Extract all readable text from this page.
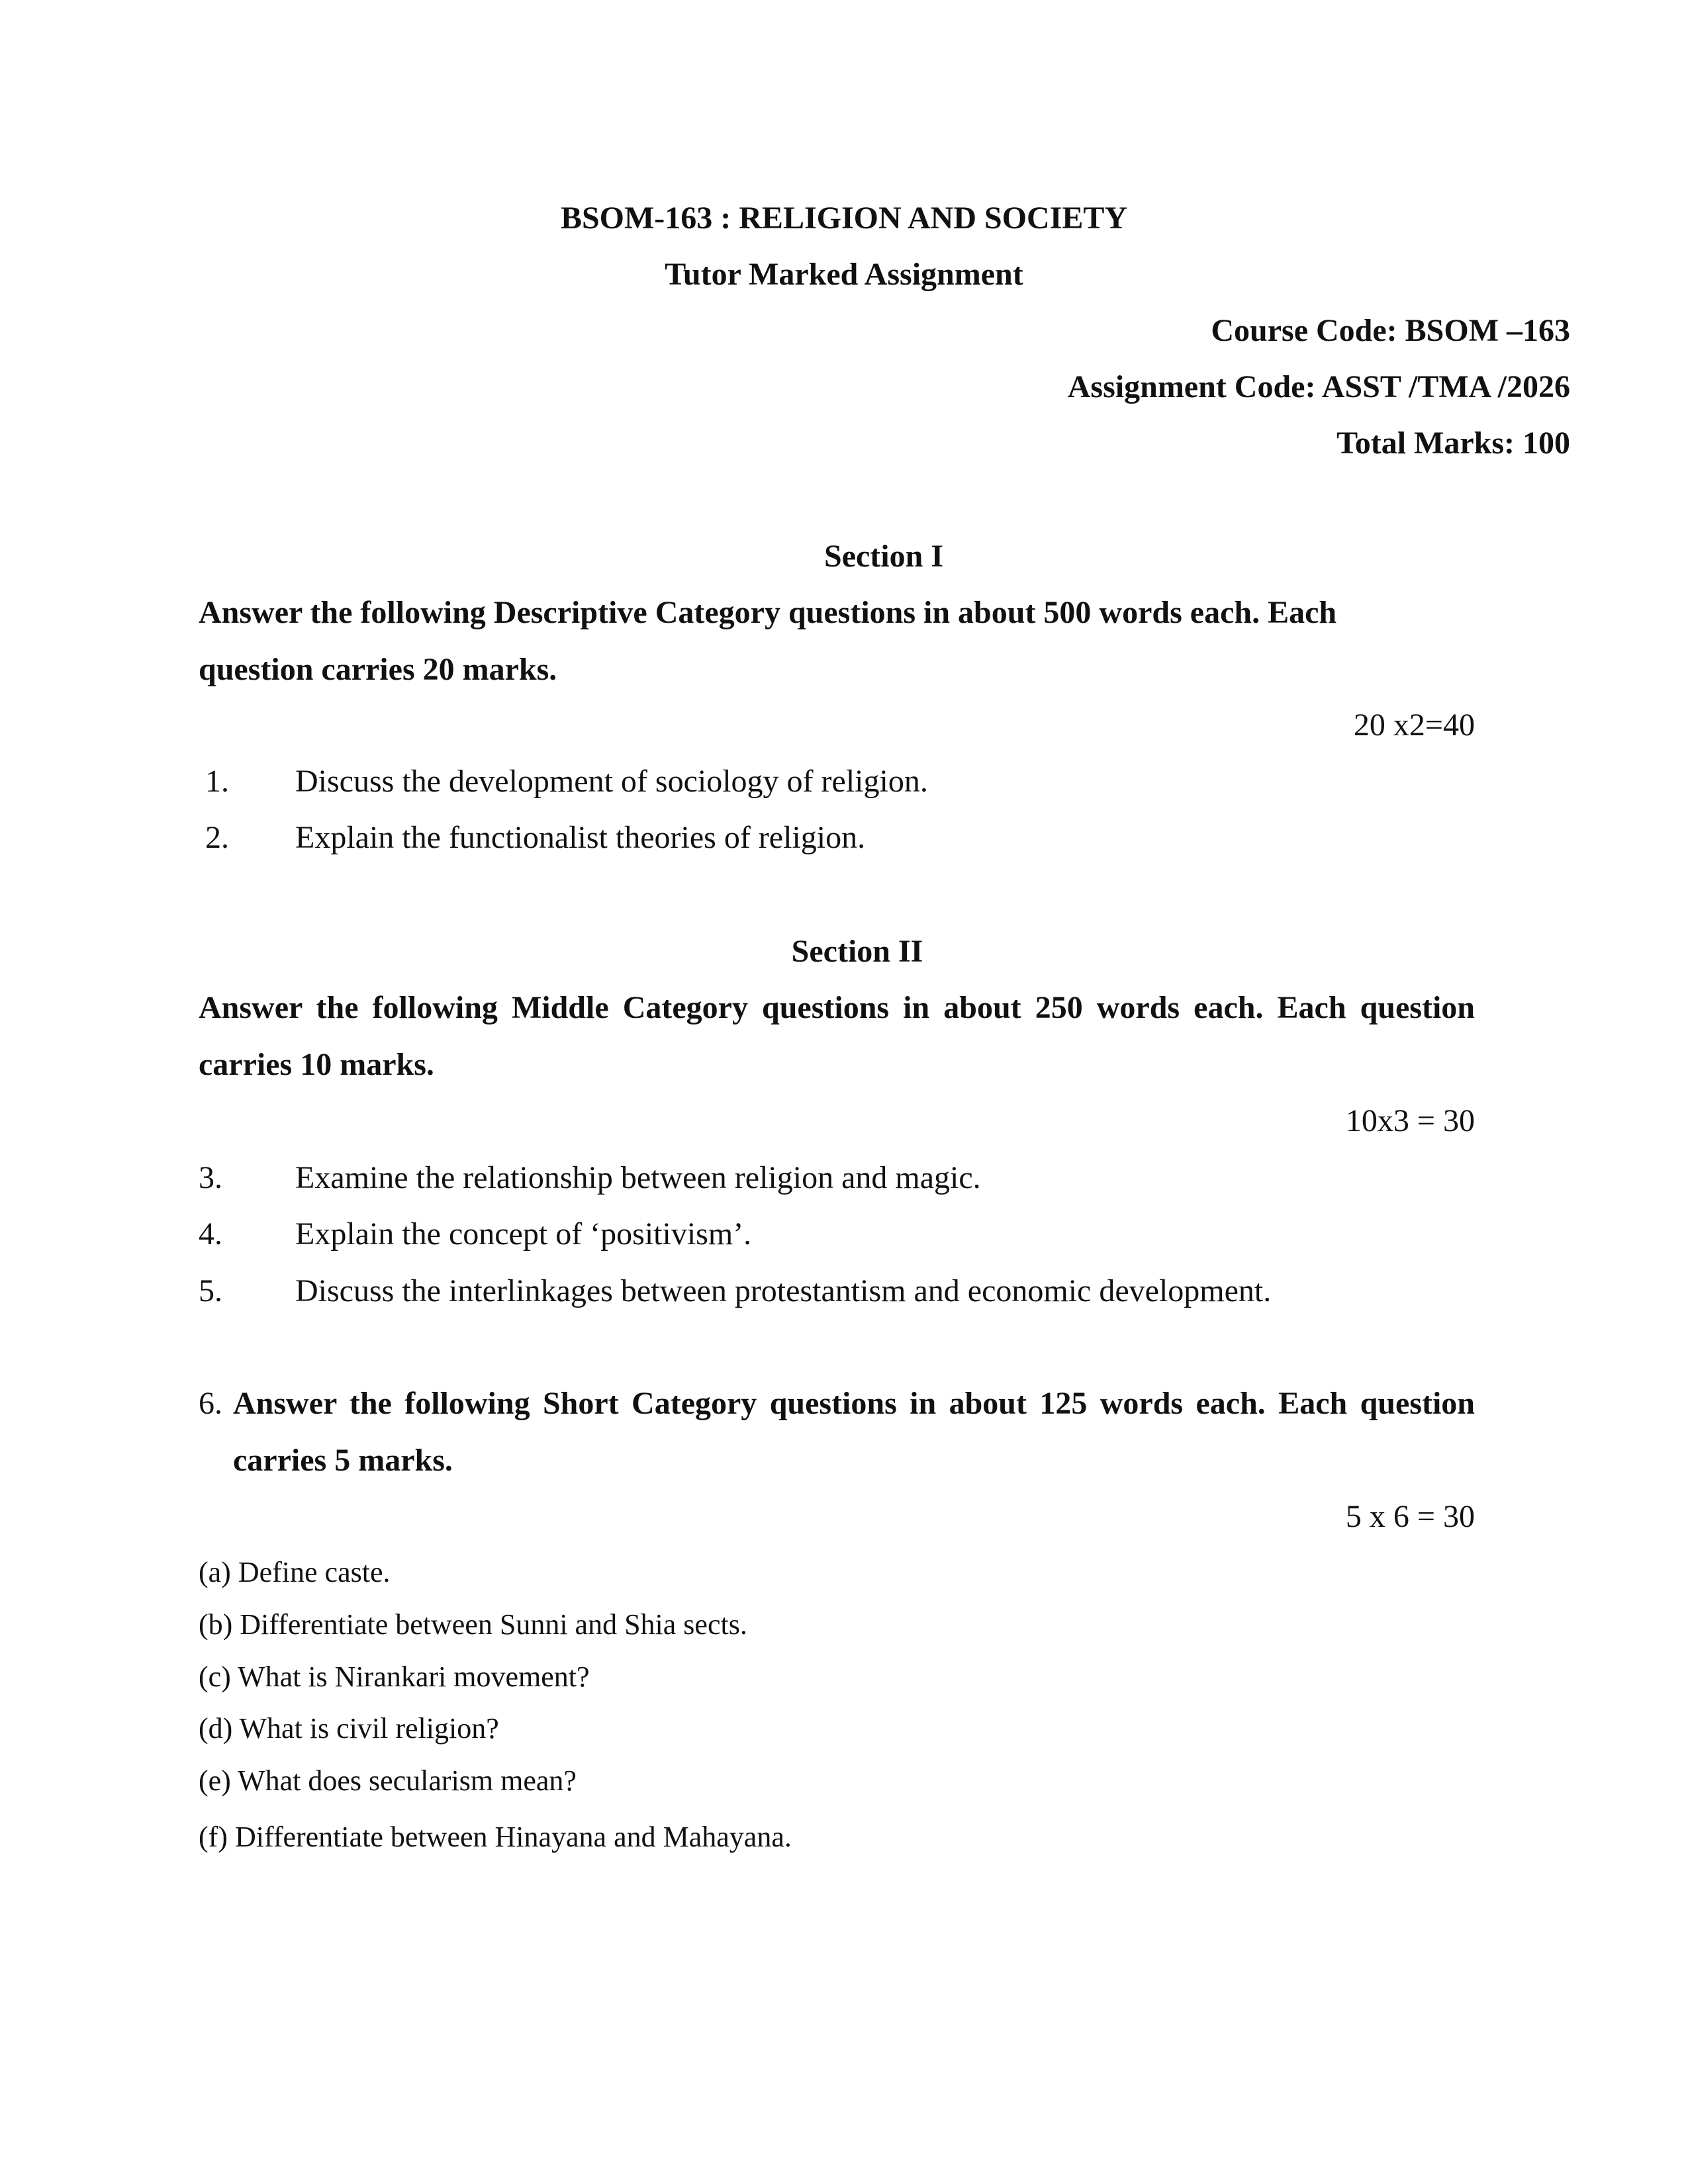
BSOM-163 : RELIGION AND SOCIETY
Tutor Marked Assignment
Course Code: BSOM –163
Assignment Code: ASST /TMA /2026
Total Marks: 100
Section I
Answer the following Descriptive Category questions in about 500 words each. Each
question carries 20 marks.
20 x2=40
1. Discuss the development of sociology of religion.
2. Explain the functionalist theories of religion.
Section II
Answer the following Middle Category questions in about 250 words each. Each question
carries 10 marks.
10x3 = 30
3. Examine the relationship between religion and magic.
4. Explain the concept of ‘positivism’.
5. Discuss the interlinkages between protestantism and economic development.
6. Answer the following Short Category questions in about 125 words each. Each question
carries 5 marks.
5 x 6 = 30
(a) Define caste.
(b) Differentiate between Sunni and Shia sects.
(c) What is Nirankari movement?
(d) What is civil religion?
(e) What does secularism mean?
(f) Differentiate between Hinayana and Mahayana.
